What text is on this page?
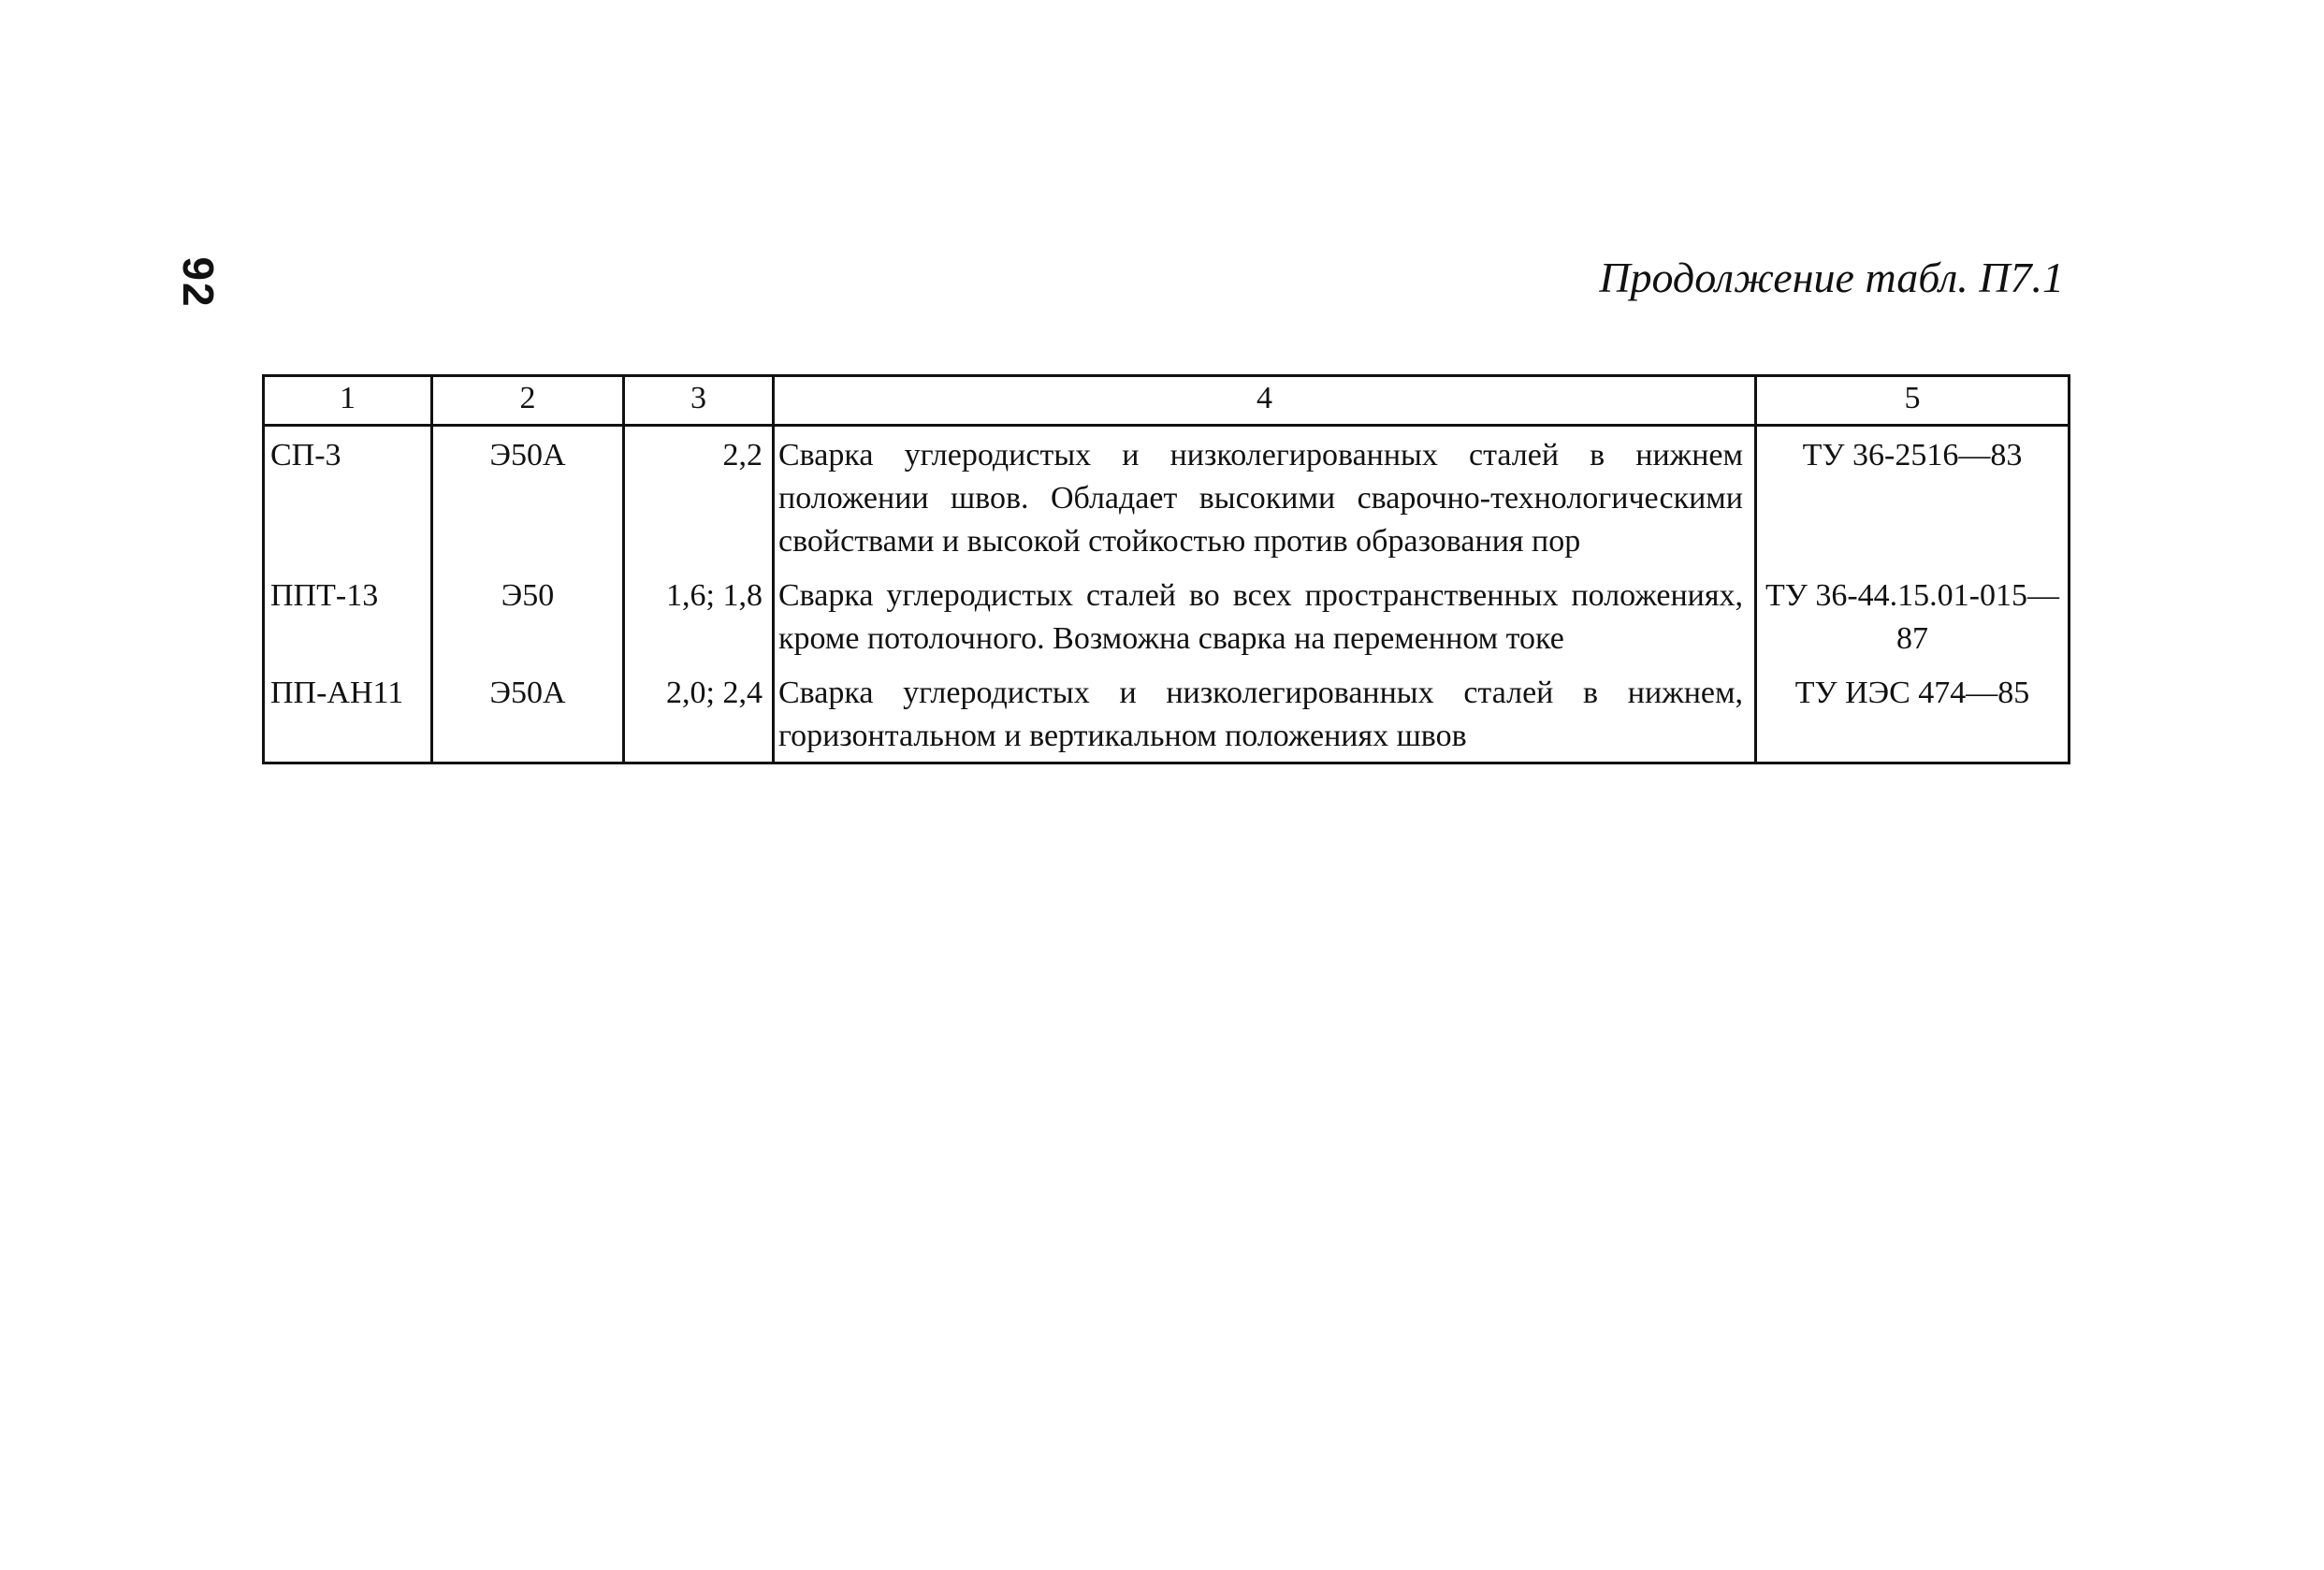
92	Продолжение табл. П7.1
1	2	3	4	5
СП-3	Э50А	2,2	Сварка углеродистых и низколегированных сталей в нижнем положении швов. Обладает высокими сварочно-технологическими свойствами и высокой стойкостью против образования пор	ТУ 36-2516—83
ППТ-13	Э50	1,6; 1,8	Сварка углеродистых сталей во всех пространственных положениях, кроме потолочного. Возможна сварка на переменном токе	ТУ 36-44.15.01-015—87
ПП-АН11	Э50А	2,0; 2,4	Сварка углеродистых и низколегированных сталей в нижнем, горизонтальном и вертикальном положениях швов	ТУ ИЭС 474—85
